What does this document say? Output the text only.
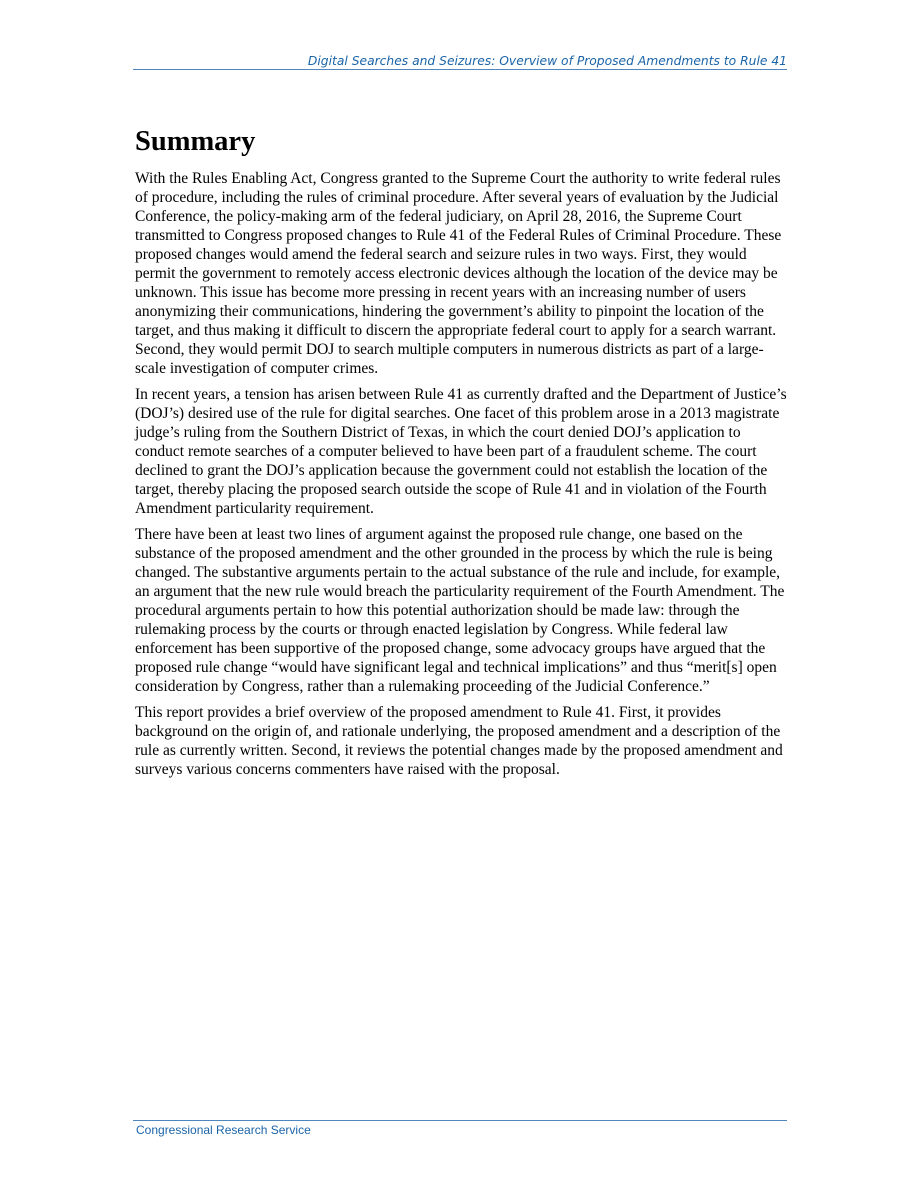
Digital Searches and Seizures: Overview of Proposed Amendments to Rule 41
Summary

With the Rules Enabling Act, Congress granted to the Supreme Court the authority to write federal rules of procedure, including the rules of criminal procedure. After several years of evaluation by the Judicial Conference, the policy-making arm of the federal judiciary, on April 28, 2016, the Supreme Court transmitted to Congress proposed changes to Rule 41 of the Federal Rules of Criminal Procedure. These proposed changes would amend the federal search and seizure rules in two ways. First, they would permit the government to remotely access electronic devices although the location of the device may be unknown. This issue has become more pressing in recent years with an increasing number of users anonymizing their communications, hindering the government’s ability to pinpoint the location of the target, and thus making it difficult to discern the appropriate federal court to apply for a search warrant. Second, they would permit DOJ to search multiple computers in numerous districts as part of a large-scale investigation of computer crimes.

In recent years, a tension has arisen between Rule 41 as currently drafted and the Department of Justice’s (DOJ’s) desired use of the rule for digital searches. One facet of this problem arose in a 2013 magistrate judge’s ruling from the Southern District of Texas, in which the court denied DOJ’s application to conduct remote searches of a computer believed to have been part of a fraudulent scheme. The court declined to grant the DOJ’s application because the government could not establish the location of the target, thereby placing the proposed search outside the scope of Rule 41 and in violation of the Fourth Amendment particularity requirement.

There have been at least two lines of argument against the proposed rule change, one based on the substance of the proposed amendment and the other grounded in the process by which the rule is being changed. The substantive arguments pertain to the actual substance of the rule and include, for example, an argument that the new rule would breach the particularity requirement of the Fourth Amendment. The procedural arguments pertain to how this potential authorization should be made law: through the rulemaking process by the courts or through enacted legislation by Congress. While federal law enforcement has been supportive of the proposed change, some advocacy groups have argued that the proposed rule change “would have significant legal and technical implications” and thus “merit[s] open consideration by Congress, rather than a rulemaking proceeding of the Judicial Conference.”

This report provides a brief overview of the proposed amendment to Rule 41. First, it provides background on the origin of, and rationale underlying, the proposed amendment and a description of the rule as currently written. Second, it reviews the potential changes made by the proposed amendment and surveys various concerns commenters have raised with the proposal.

Congressional Research Service
